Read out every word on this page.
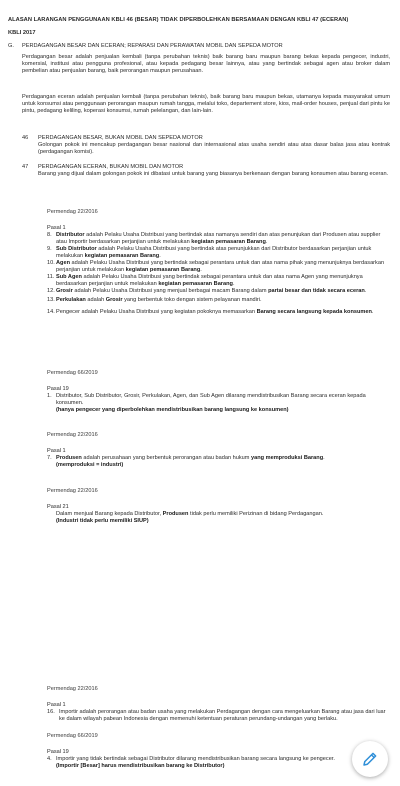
ALASAN LARANGAN PENGGUNAAN KBLI 46 (BESAR) TIDAK DIPERBOLEHKAN BERSAMAAN DENGAN KBLI 47 (ECERAN)
KBLI 2017
G. PERDAGANGAN BESAR DAN ECERAN; REPARASI DAN PERAWATAN MOBIL DAN SEPEDA MOTOR
Perdagangan besar adalah penjualan kembali (tanpa perubahan teknis) baik barang baru maupun barang bekas kepada pengecer, industri, komersial, institusi atau pengguna profesional, atau kepada pedagang besar lainnya, atau yang bertindak sebagai agen atau broker dalam pembelian atau penjualan barang, baik perorangan maupun perusahaan.
Perdagangan eceran adalah penjualan kembali (tanpa perubahan teknis), baik barang baru maupun bekas, utamanya kepada masyarakat umum untuk konsumsi atau penggunaan perorangan maupun rumah tangga, melalui toko, departement store, kios, mail-order houses, penjual dari pintu ke pintu, pedagang keliling, koperasi konsumsi, rumah pelelangan, dan lain-lain.
46	PERDAGANGAN BESAR, BUKAN MOBIL DAN SEPEDA MOTOR
Golongan pokok ini mencakup perdagangan besar nasional dan internasional atas usaha sendiri atau atas dasar balas jasa atau kontrak (perdagangan komisi).
47	PERDAGANGAN ECERAN, BUKAN MOBIL DAN MOTOR
Barang yang dijual dalam golongan pokok ini dibatasi untuk barang yang biasanya berkenaan dengan barang konsumen atau barang eceran.
Permendag 22/2016
Pasal 1
8. Distributor adalah Pelaku Usaha Distribusi yang bertindak atas namanya sendiri dan atas penunjukan dari Produsen atau supplier atau Importir berdasarkan perjanjian untuk melakukan kegiatan pemasaran Barang.
9. Sub Distributor adalah Pelaku Usaha Distribusi yang bertindak atas penunjukkan dari Distributor berdasarkan perjanjian untuk melakukan kegiatan pemasaran Barang.
10. Agen adalah Pelaku Usaha Distribusi yang bertindak sebagai perantara untuk dan atas nama pihak yang menunjuknya berdasarkan perjanjian untuk melakukan kegiatan pemasaran Barang.
11. Sub Agen adalah Pelaku Usaha Distribusi yang bertindak sebagai perantara untuk dan atas nama Agen yang menunjuknya berdasarkan perjanjian untuk melakukan kegiatan pemasaran Barang.
12. Grosir adalah Pelaku Usaha Distribusi yang menjual berbagai macam Barang dalam partai besar dan tidak secara eceran.
13. Perkulakan adalah Grosir yang berbentuk toko dengan sistem pelayanan mandiri.
14. Pengecer adalah Pelaku Usaha Distribusi yang kegiatan pokoknya memasarkan Barang secara langsung kepada konsumen.
Permendag 66/2019
Pasal 19
1. Distributor, Sub Distributor, Grosir, Perkulakan, Agen, dan Sub Agen dilarang mendistribusikan Barang secara eceran kepada konsumen.
(hanya pengecer yang diperbolehkan mendistribusikan barang langsung ke konsumen)
Permendag 22/2016
Pasal 1
7. Produsen adalah perusahaan yang berbentuk perorangan atau badan hukum yang memproduksi Barang.
(memproduksi = industri)
Permendag 22/2016
Pasal 21
Dalam menjual Barang kepada Distributor, Produsen tidak perlu memiliki Perizinan di bidang Perdagangan.
(Industri tidak perlu memiliki SIUP)
Permendag 22/2016
Pasal 1
16. Importir adalah perorangan atau badan usaha yang melakukan Perdagangan dengan cara mengeluarkan Barang atau jasa dari luar ke dalam wilayah pabean Indonesia dengan memenuhi ketentuan peraturan perundang-undangan yang berlaku.
Permendag 66/2019
Pasal 19
4. Importir yang tidak bertindak sebagai Distributor dilarang mendistribusikan barang secara langsung ke pengecer.
(Importir [Besar] harus mendistribusikan barang ke Distributor)
